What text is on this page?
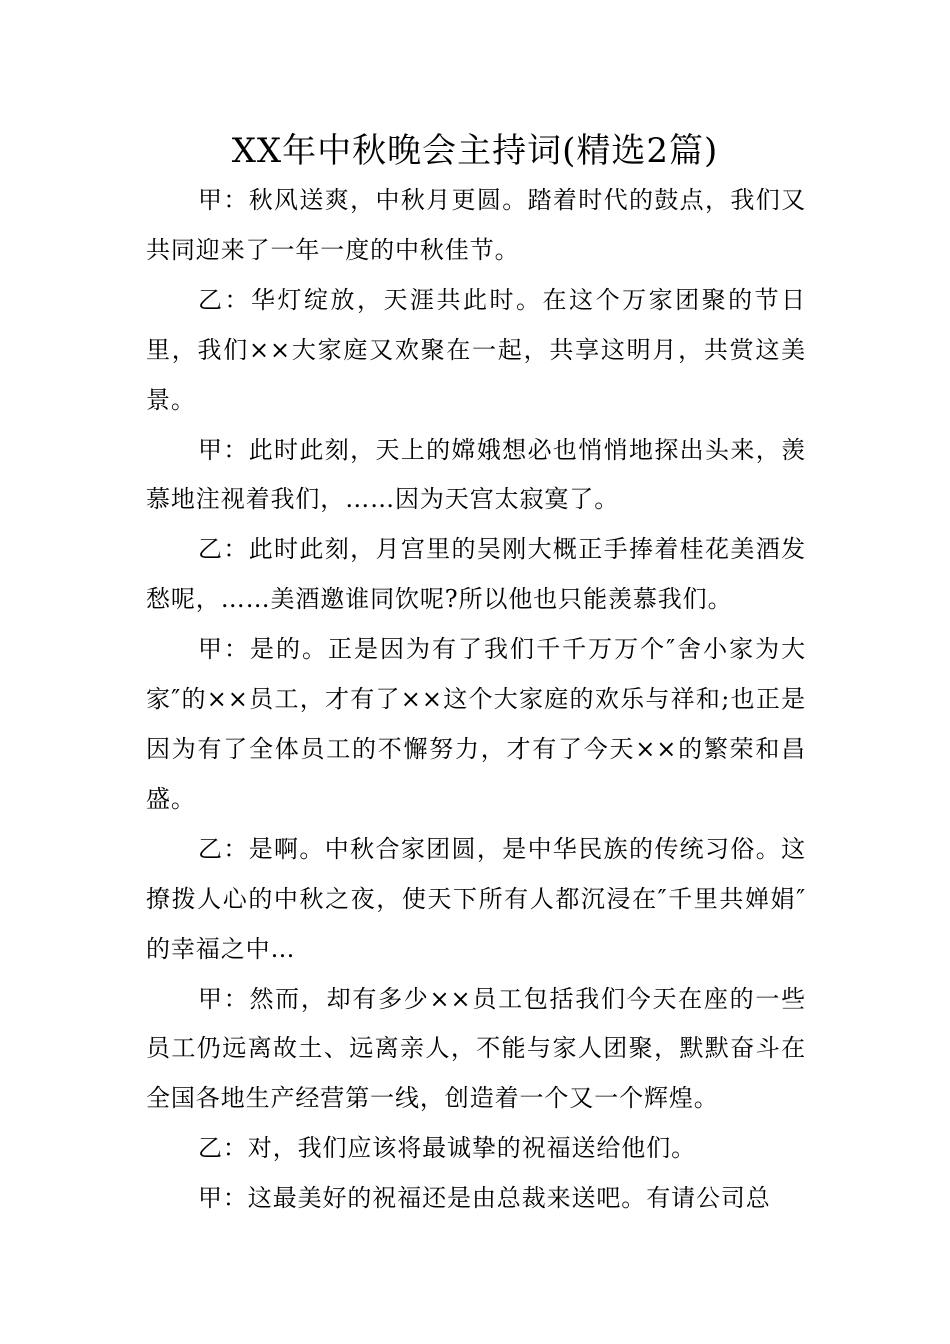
XX年中秋晚会主持词(精选2篇)

甲：秋风送爽，中秋月更圆。踏着时代的鼓点，我们又共同迎来了一年一度的中秋佳节。

乙：华灯绽放，天涯共此时。在这个万家团聚的节日里，我们××大家庭又欢聚在一起，共享这明月，共赏这美景。

甲：此时此刻，天上的嫦娥想必也悄悄地探出头来，羡慕地注视着我们，……因为天宫太寂寞了。

乙：此时此刻，月宫里的吴刚大概正手捧着桂花美酒发愁呢，……美酒邀谁同饮呢?所以他也只能羡慕我们。

甲：是的。正是因为有了我们千千万万个″舍小家为大家″的××员工，才有了××这个大家庭的欢乐与祥和;也正是因为有了全体员工的不懈努力，才有了今天××的繁荣和昌盛。

乙：是啊。中秋合家团圆，是中华民族的传统习俗。这撩拨人心的中秋之夜，使天下所有人都沉浸在″千里共婵娟″的幸福之中…

甲：然而，却有多少××员工包括我们今天在座的一些员工仍远离故土、远离亲人，不能与家人团聚，默默奋斗在全国各地生产经营第一线，创造着一个又一个辉煌。

乙：对，我们应该将最诚挚的祝福送给他们。

甲：这最美好的祝福还是由总裁来送吧。有请公司总
